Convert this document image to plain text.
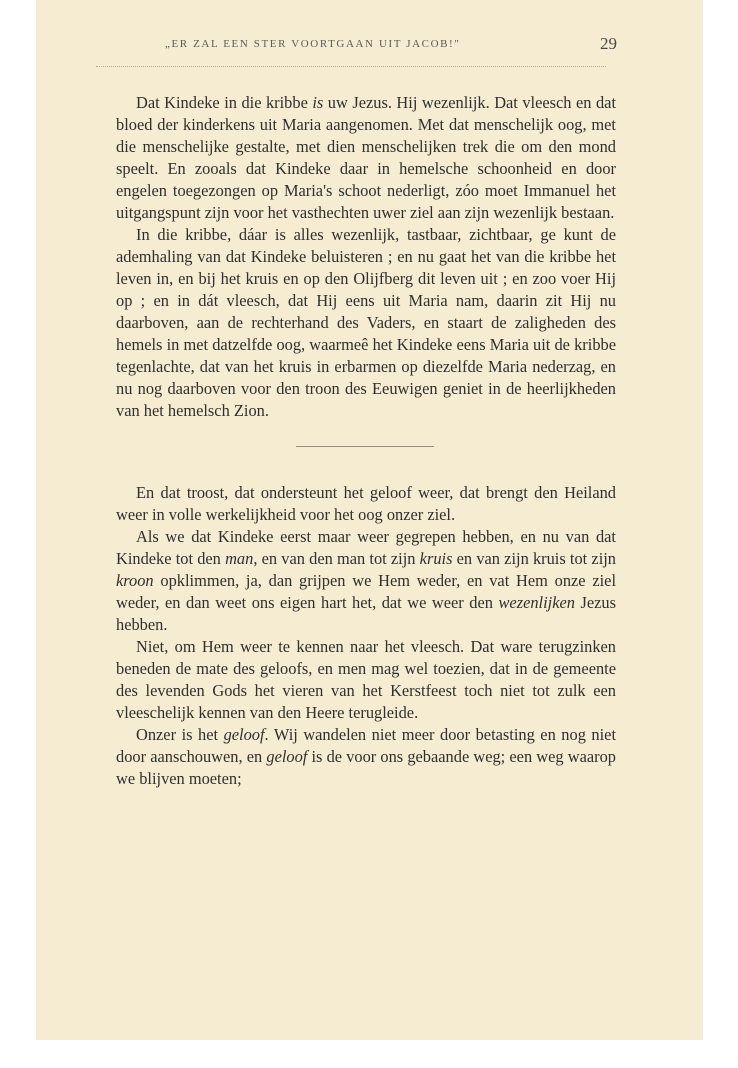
„ER ZAL EEN STER VOORTGAAN UIT JACOB!"	29

Dat Kindeke in die kribbe is uw Jezus. Hij wezenlijk. Dat vleesch en dat bloed der kinderkens uit Maria aangenomen. Met dat menschelijk oog, met die menschelijke gestalte, met dien menschelijken trek die om den mond speelt. En zooals dat Kindeke daar in hemelsche schoonheid en door engelen toegezongen op Maria's schoot nederligt, zóo moet Immanuel het uitgangspunt zijn voor het vasthechten uwer ziel aan zijn wezenlijk bestaan.

In die kribbe, dáar is alles wezenlijk, tastbaar, zichtbaar, ge kunt de ademhaling van dat Kindeke beluisteren ; en nu gaat het van die kribbe het leven in, en bij het kruis en op den Olijfberg dit leven uit ; en zoo voer Hij op ; en in dát vleesch, dat Hij eens uit Maria nam, daarin zit Hij nu daarboven, aan de rechterhand des Vaders, en staart de zaligheden des hemels in met datzelfde oog, waarmeê het Kindeke eens Maria uit de kribbe tegenlachte, dat van het kruis in erbarmen op diezelfde Maria nederzag, en nu nog daarboven voor den troon des Eeuwigen geniet in de heerlijkheden van het hemelsch Zion.

En dat troost, dat ondersteunt het geloof weer, dat brengt den Heiland weer in volle werkelijkheid voor het oog onzer ziel.

Als we dat Kindeke eerst maar weer gegrepen hebben, en nu van dat Kindeke tot den man, en van den man tot zijn kruis en van zijn kruis tot zijn kroon opklimmen, ja, dan grijpen we Hem weder, en vat Hem onze ziel weder, en dan weet ons eigen hart het, dat we weer den wezenlijken Jezus hebben.

Niet, om Hem weer te kennen naar het vleesch. Dat ware terugzinken beneden de mate des geloofs, en men mag wel toezien, dat in de gemeente des levenden Gods het vieren van het Kerstfeest toch niet tot zulk een vleeschelijk kennen van den Heere terugleide.

Onzer is het geloof. Wij wandelen niet meer door betasting en nog niet door aanschouwen, en geloof is de voor ons gebaande weg; een weg waarop we blijven moeten;
